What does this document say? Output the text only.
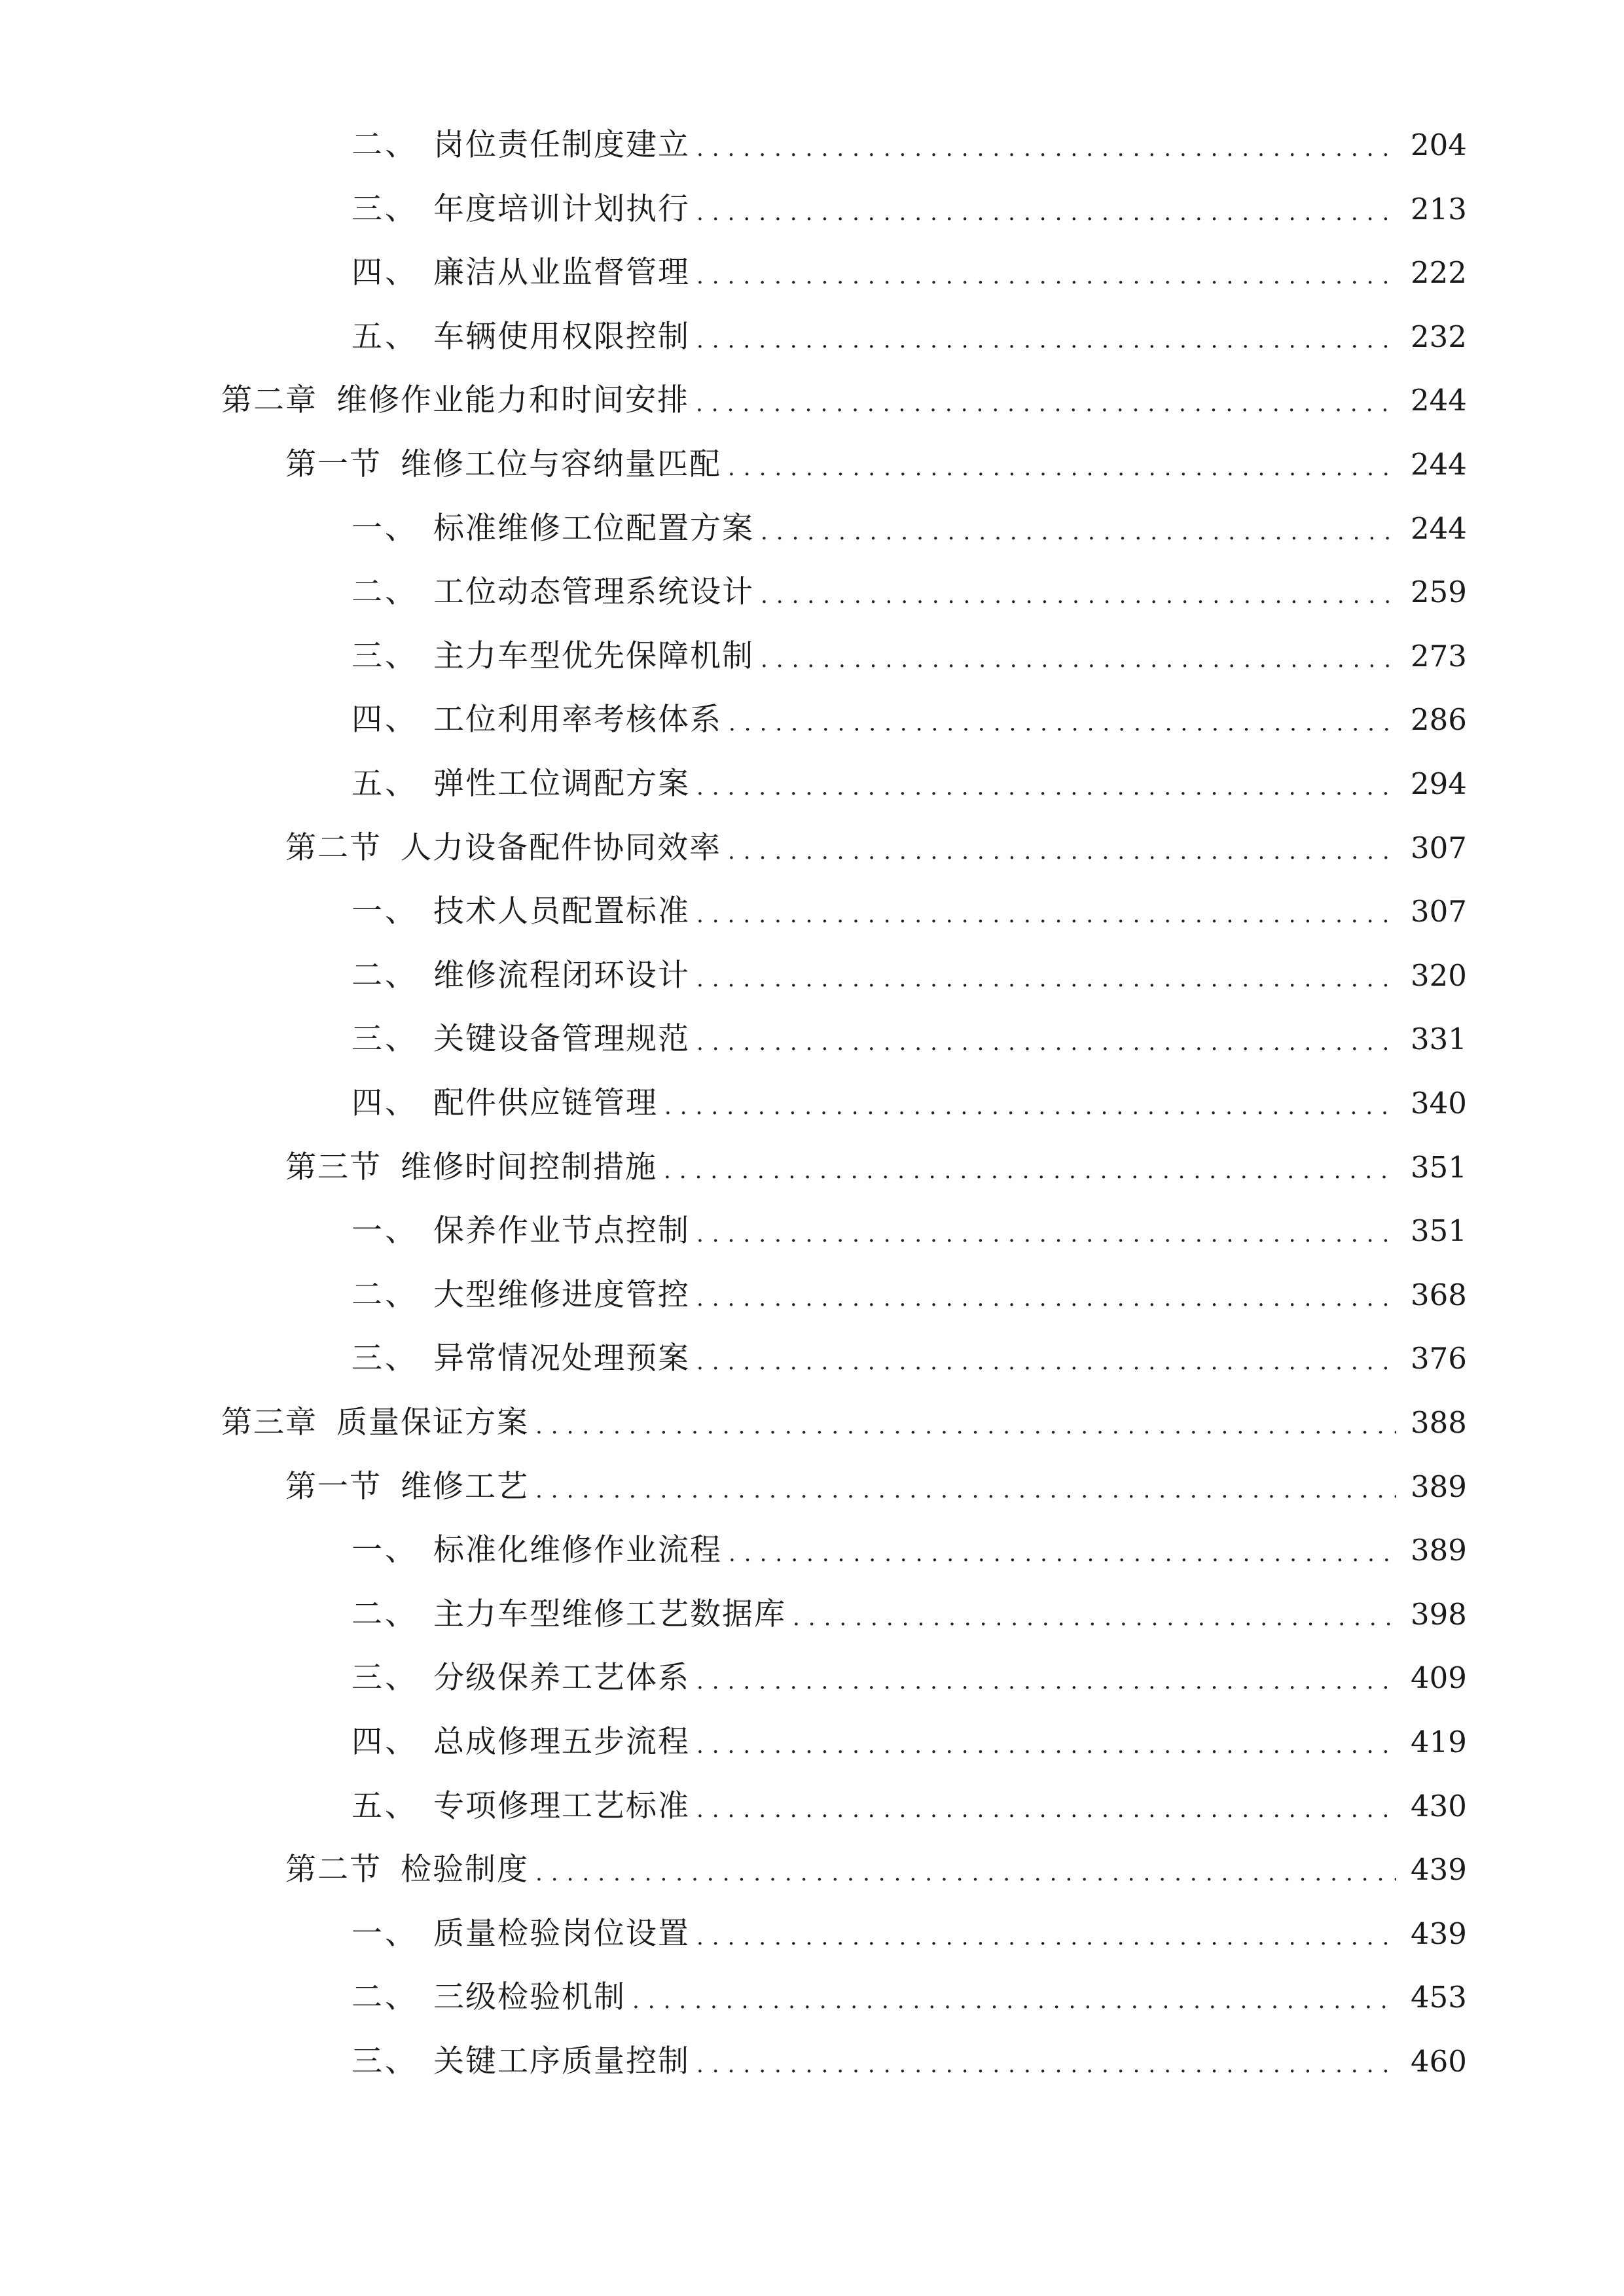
二、 岗位责任制度建立 .....	204
三、 年度培训计划执行 .....	213
四、 廉洁从业监督管理 .....	222
五、 车辆使用权限控制 .....	232
第二章 维修作业能力和时间安排 .....	244
第一节 维修工位与容纳量匹配 .....	244
一、 标准维修工位配置方案 .....	244
二、 工位动态管理系统设计 .....	259
三、 主力车型优先保障机制 .....	273
四、 工位利用率考核体系 .....	286
五、 弹性工位调配方案 .....	294
第二节 人力设备配件协同效率 .....	307
一、 技术人员配置标准 .....	307
二、 维修流程闭环设计 .....	320
三、 关键设备管理规范 .....	331
四、 配件供应链管理 .....	340
第三节 维修时间控制措施 .....	351
一、 保养作业节点控制 .....	351
二、 大型维修进度管控 .....	368
三、 异常情况处理预案 .....	376
第三章 质量保证方案 .....	388
第一节 维修工艺 .....	389
一、 标准化维修作业流程 .....	389
二、 主力车型维修工艺数据库 .....	398
三、 分级保养工艺体系 .....	409
四、 总成修理五步流程 .....	419
五、 专项修理工艺标准 .....	430
第二节 检验制度 .....	439
一、 质量检验岗位设置 .....	439
二、 三级检验机制 .....	453
三、 关键工序质量控制 .....	460
